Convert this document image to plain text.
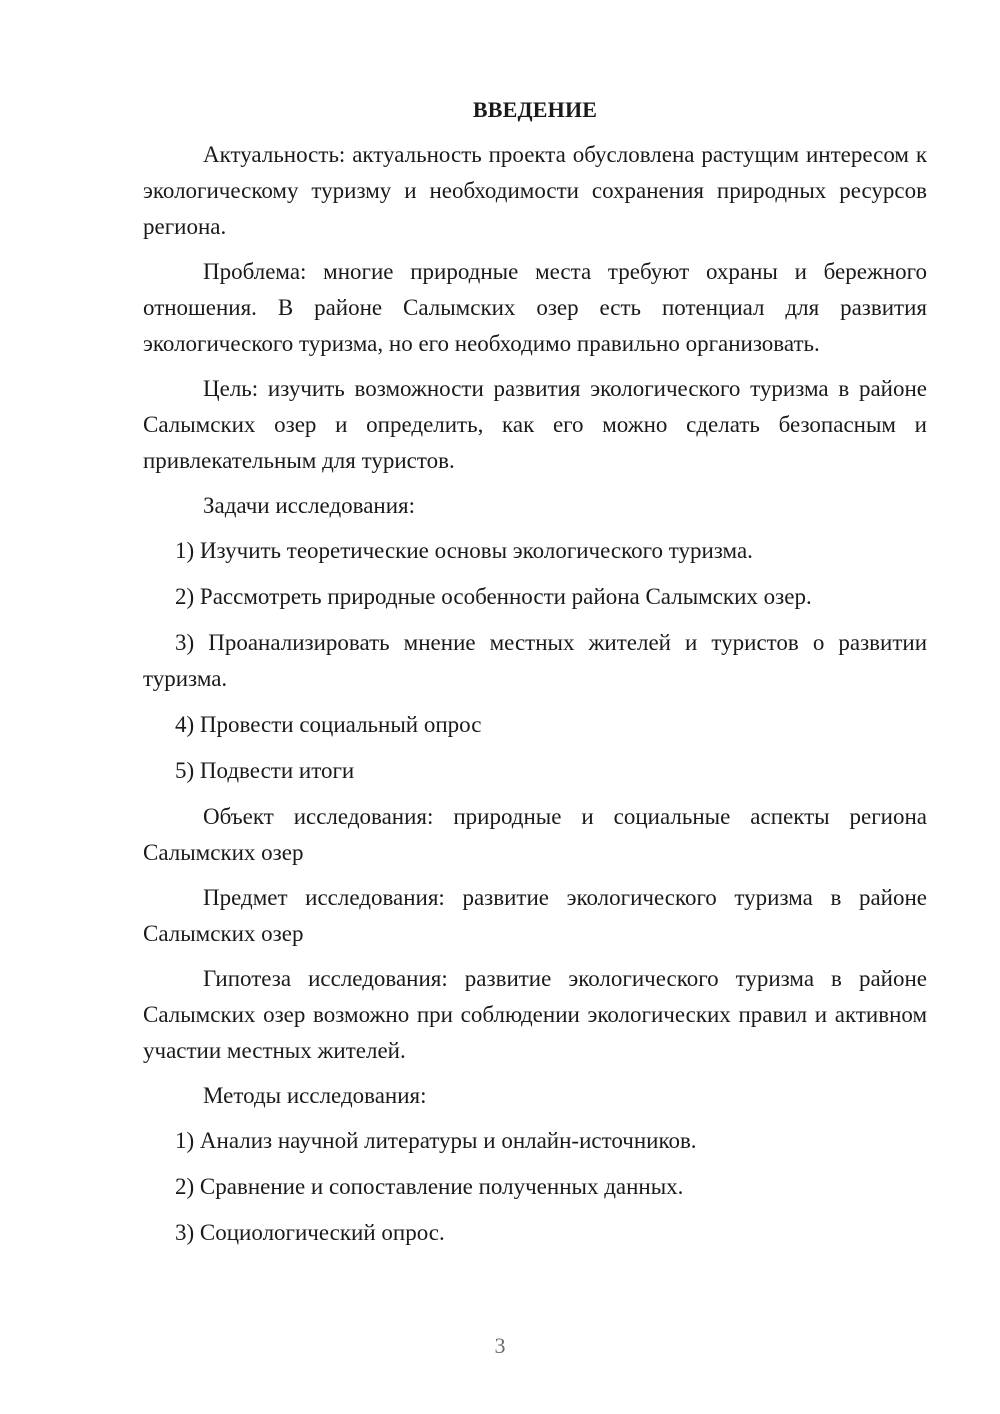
ВВЕДЕНИЕ

Актуальность: актуальность проекта обусловлена растущим интересом к экологическому туризму и необходимости сохранения природных ресурсов региона.

Проблема: многие природные места требуют охраны и бережного отношения. В районе Салымских озер есть потенциал для развития экологического туризма, но его необходимо правильно организовать.

Цель: изучить возможности развития экологического туризма в районе Салымских озер и определить, как его можно сделать безопасным и привлекательным для туристов.

Задачи исследования:

1) Изучить теоретические основы экологического туризма.

2) Рассмотреть природные особенности района Салымских озер.

3) Проанализировать мнение местных жителей и туристов о развитии туризма.

4) Провести социальный опрос

5) Подвести итоги

Объект исследования: природные и социальные аспекты региона Салымских озер

Предмет исследования: развитие экологического туризма в районе Салымских озер

Гипотеза исследования: развитие экологического туризма в районе Салымских озер возможно при соблюдении экологических правил и активном участии местных жителей.

Методы исследования:

1) Анализ научной литературы и онлайн-источников.

2) Сравнение и сопоставление полученных данных.

3) Социологический опрос.

3
